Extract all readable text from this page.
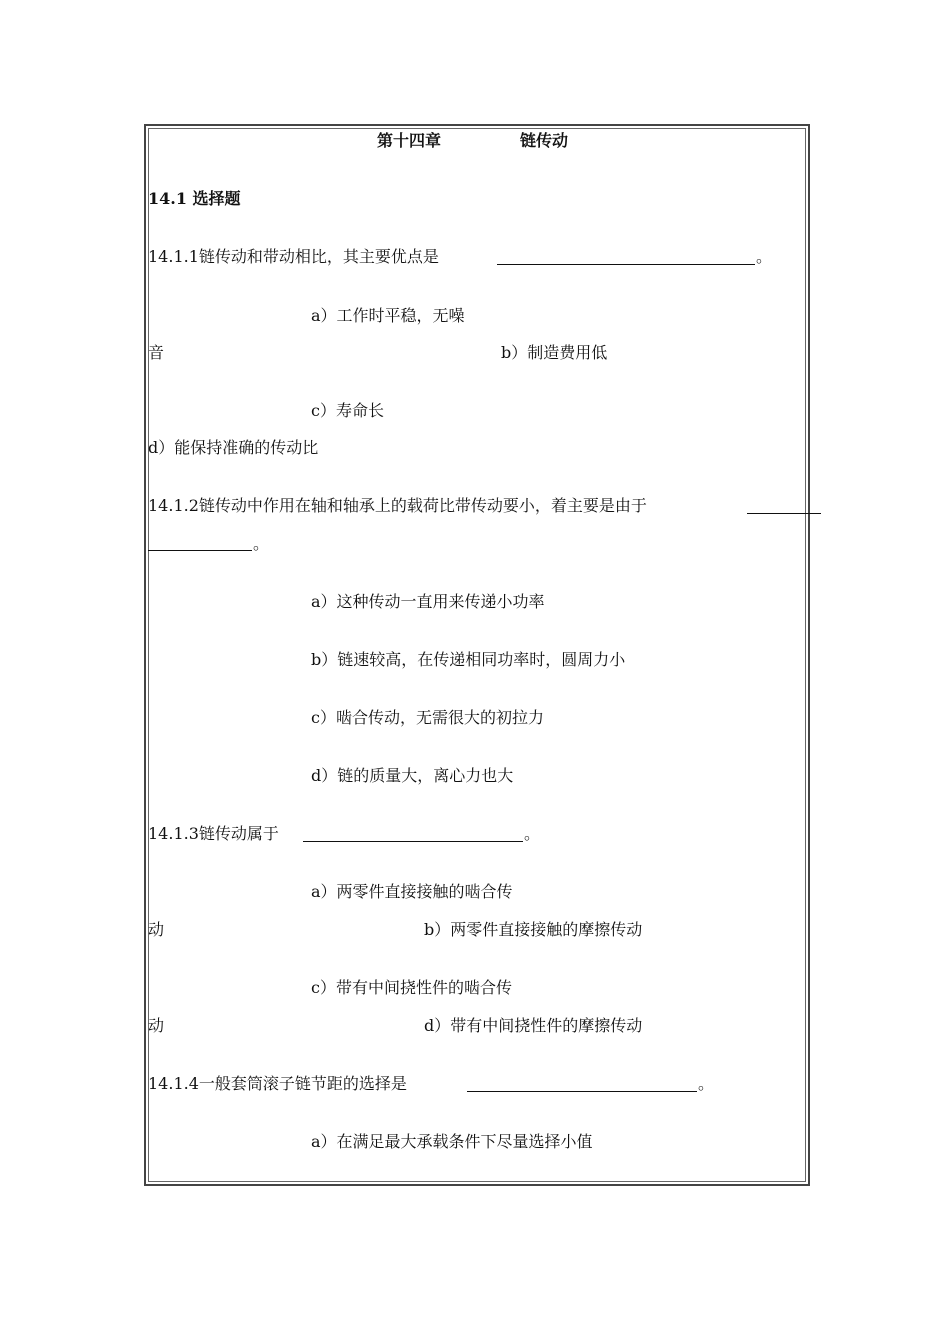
第十四章	链传动
14.1 选择题
14.1.1链传动和带动相比，其主要优点是	。
a）工作时平稳，无噪
音	b）制造费用低
c）寿命长
d）能保持准确的传动比
14.1.2链传动中作用在轴和轴承上的载荷比带传动要小，着主要是由于
。
a）这种传动一直用来传递小功率
b）链速较高，在传递相同功率时，圆周力小
c）啮合传动，无需很大的初拉力
d）链的质量大，离心力也大
14.1.3链传动属于	。
a）两零件直接接触的啮合传
动	b）两零件直接接触的摩擦传动
c）带有中间挠性件的啮合传
动	d）带有中间挠性件的摩擦传动
14.1.4一般套筒滚子链节距的选择是	。
a）在满足最大承载条件下尽量选择小值
